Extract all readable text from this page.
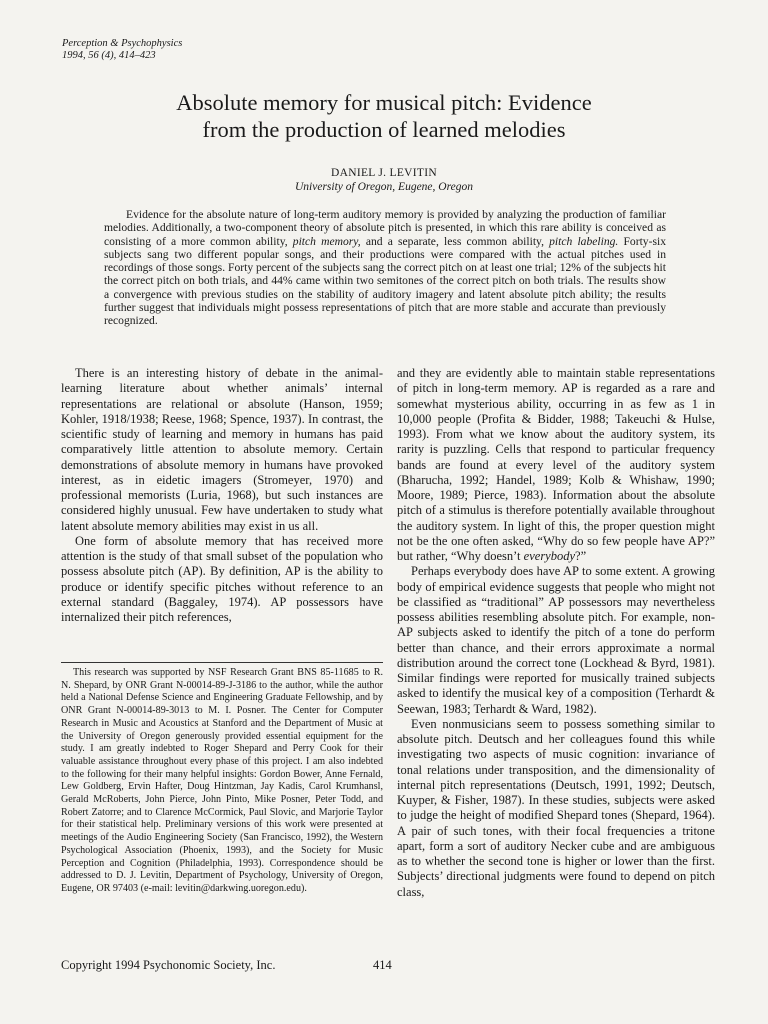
Perception & Psychophysics
1994, 56 (4), 414–423
Absolute memory for musical pitch: Evidence
from the production of learned melodies
DANIEL J. LEVITIN
University of Oregon, Eugene, Oregon

Evidence for the absolute nature of long-term auditory memory is provided by analyzing the production of familiar melodies. Additionally, a two-component theory of absolute pitch is presented, in which this rare ability is conceived as consisting of a more common ability, pitch memory, and a separate, less common ability, pitch labeling. Forty-six subjects sang two different popular songs, and their productions were compared with the actual pitches used in recordings of those songs. Forty percent of the subjects sang the correct pitch on at least one trial; 12% of the subjects hit the correct pitch on both trials, and 44% came within two semitones of the correct pitch on both trials. The results show a convergence with previous studies on the stability of auditory imagery and latent absolute pitch ability; the results further suggest that individuals might possess representations of pitch that are more stable and accurate than previously recognized.

There is an interesting history of debate in the animal-learning literature about whether animals’ internal representations are relational or absolute (Hanson, 1959; Kohler, 1918/1938; Reese, 1968; Spence, 1937). In contrast, the scientific study of learning and memory in humans has paid comparatively little attention to absolute memory. Certain demonstrations of absolute memory in humans have provoked interest, as in eidetic imagers (Stromeyer, 1970) and professional memorists (Luria, 1968), but such instances are considered highly unusual. Few have undertaken to study what latent absolute memory abilities may exist in us all.

One form of absolute memory that has received more attention is the study of that small subset of the population who possess absolute pitch (AP). By definition, AP is the ability to produce or identify specific pitches without reference to an external standard (Baggaley, 1974). AP possessors have internalized their pitch references,

This research was supported by NSF Research Grant BNS 85-11685 to R. N. Shepard, by ONR Grant N-00014-89-J-3186 to the author, while the author held a National Defense Science and Engineering Graduate Fellowship, and by ONR Grant N-00014-89-3013 to M. I. Posner. The Center for Computer Research in Music and Acoustics at Stanford and the Department of Music at the University of Oregon generously provided essential equipment for the study. I am greatly indebted to Roger Shepard and Perry Cook for their valuable assistance throughout every phase of this project. I am also indebted to the following for their many helpful insights: Gordon Bower, Anne Fernald, Lew Goldberg, Ervin Hafter, Doug Hintzman, Jay Kadis, Carol Krumhansl, Gerald McRoberts, John Pierce, John Pinto, Mike Posner, Peter Todd, and Robert Zatorre; and to Clarence McCormick, Paul Slovic, and Marjorie Taylor for their statistical help. Preliminary versions of this work were presented at meetings of the Audio Engineering Society (San Francisco, 1992), the Western Psychological Association (Phoenix, 1993), and the Society for Music Perception and Cognition (Philadelphia, 1993). Correspondence should be addressed to D. J. Levitin, Department of Psychology, University of Oregon, Eugene, OR 97403 (e-mail: levitin@darkwing.uoregon.edu).

and they are evidently able to maintain stable representations of pitch in long-term memory. AP is regarded as a rare and somewhat mysterious ability, occurring in as few as 1 in 10,000 people (Profita & Bidder, 1988; Takeuchi & Hulse, 1993). From what we know about the auditory system, its rarity is puzzling. Cells that respond to particular frequency bands are found at every level of the auditory system (Bharucha, 1992; Handel, 1989; Kolb & Whishaw, 1990; Moore, 1989; Pierce, 1983). Information about the absolute pitch of a stimulus is therefore potentially available throughout the auditory system. In light of this, the proper question might not be the one often asked, “Why do so few people have AP?” but rather, “Why doesn’t everybody?”

Perhaps everybody does have AP to some extent. A growing body of empirical evidence suggests that people who might not be classified as “traditional” AP possessors may nevertheless possess abilities resembling absolute pitch. For example, non-AP subjects asked to identify the pitch of a tone do perform better than chance, and their errors approximate a normal distribution around the correct tone (Lockhead & Byrd, 1981). Similar findings were reported for musically trained subjects asked to identify the musical key of a composition (Terhardt & Seewan, 1983; Terhardt & Ward, 1982).

Even nonmusicians seem to possess something similar to absolute pitch. Deutsch and her colleagues found this while investigating two aspects of music cognition: invariance of tonal relations under transposition, and the dimensionality of internal pitch representations (Deutsch, 1991, 1992; Deutsch, Kuyper, & Fisher, 1987). In these studies, subjects were asked to judge the height of modified Shepard tones (Shepard, 1964). A pair of such tones, with their focal frequencies a tritone apart, form a sort of auditory Necker cube and are ambiguous as to whether the second tone is higher or lower than the first. Subjects’ directional judgments were found to depend on pitch class,

Copyright 1994 Psychonomic Society, Inc.	414
